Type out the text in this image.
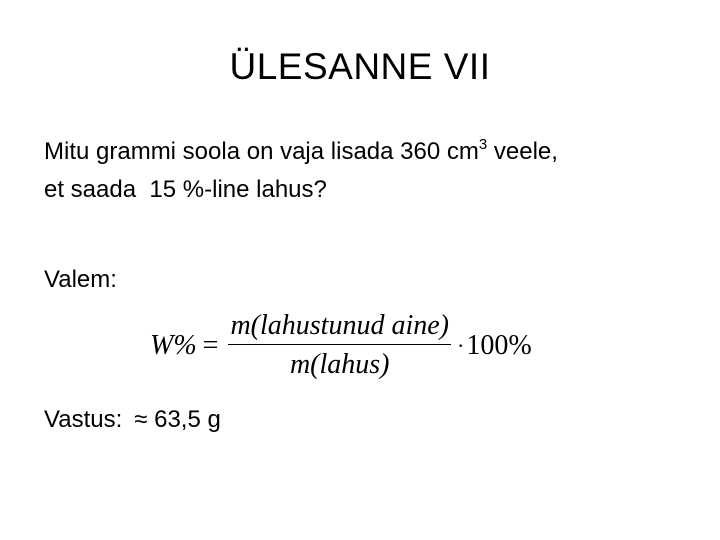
ÜLESANNE VII
Mitu grammi soola on vaja lisada 360 $cm^3$ veele,
et saada  15 %-line lahus?
Valem:
$W\% = \frac{\text{m(lahustunud aine)}}{\text{m(lahus)}} \cdot 100\%$
Vastus: ≈ 63,5 g
